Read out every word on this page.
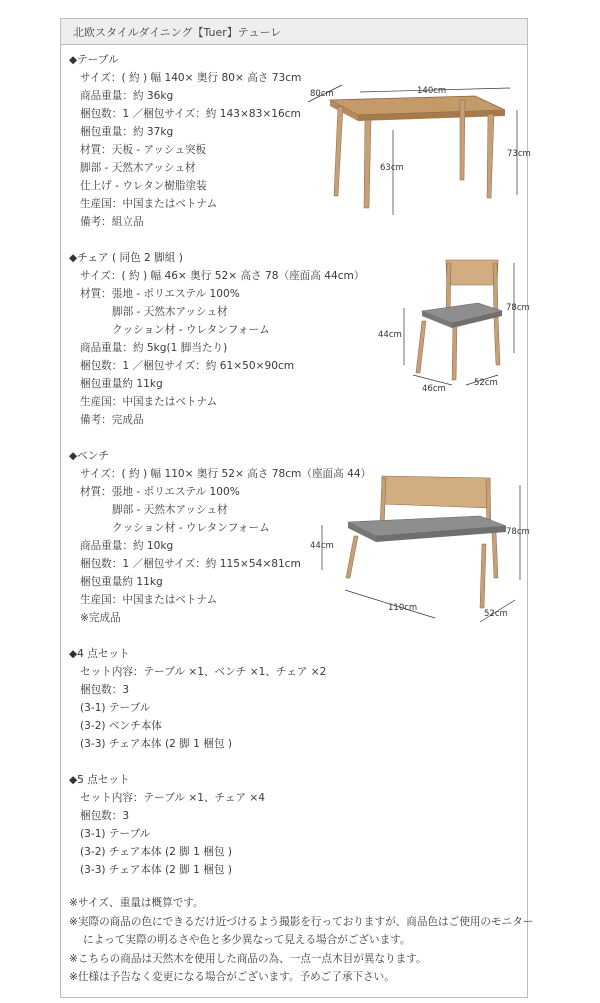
北欧スタイルダイニング【Tuer】テューレ
◆テーブル
サイズ：( 約 ) 幅 140× 奥行 80× 高さ 73cm
商品重量：約 36kg
梱包数：1 ／梱包サイズ：約 143×83×16cm
梱包重量：約 37kg
材質：天板 - アッシュ突板
脚部 - 天然木アッシュ材
仕上げ - ウレタン樹脂塗装
生産国：中国またはベトナム
備考：組立品
◆チェア ( 同色 2 脚組 )
サイズ：( 約 ) 幅 46× 奥行 52× 高さ 78（座面高 44cm）
材質：張地 - ポリエステル 100%
脚部 - 天然木アッシュ材
クッション材 - ウレタンフォーム
商品重量：約 5kg(1 脚当たり)
梱包数：1 ／梱包サイズ：約 61×50×90cm
梱包重量約 11kg
生産国：中国またはベトナム
備考：完成品
◆ベンチ
サイズ：( 約 ) 幅 110× 奥行 52× 高さ 78cm（座面高 44）
材質：張地 - ポリエステル 100%
脚部 - 天然木アッシュ材
クッション材 - ウレタンフォーム
商品重量：約 10kg
梱包数：1 ／梱包サイズ：約 115×54×81cm
梱包重量約 11kg
生産国：中国またはベトナム
※完成品
◆4 点セット
セット内容：テーブル ×1、ベンチ ×1、チェア ×2
梱包数：3
(3-1) テーブル
(3-2) ベンチ本体
(3-3) チェア本体 (2 脚 1 梱包 )
◆5 点セット
セット内容：テーブル ×1、チェア ×4
梱包数：3
(3-1) テーブル
(3-2) チェア本体 (2 脚 1 梱包 )
(3-3) チェア本体 (2 脚 1 梱包 )
※サイズ、重量は概算です。
※実際の商品の色にできるだけ近づけるよう撮影を行っておりますが、商品色はご使用のモニター
によって実際の明るさや色と多少異なって見える場合がございます。
※こちらの商品は天然木を使用した商品の為、一点一点木目が異なります。
※仕様は予告なく変更になる場合がございます。予めご了承下さい。
80cm	140cm
73cm
63cm
78cm
44cm
46cm
52cm
78cm
44cm
110cm
52cm
